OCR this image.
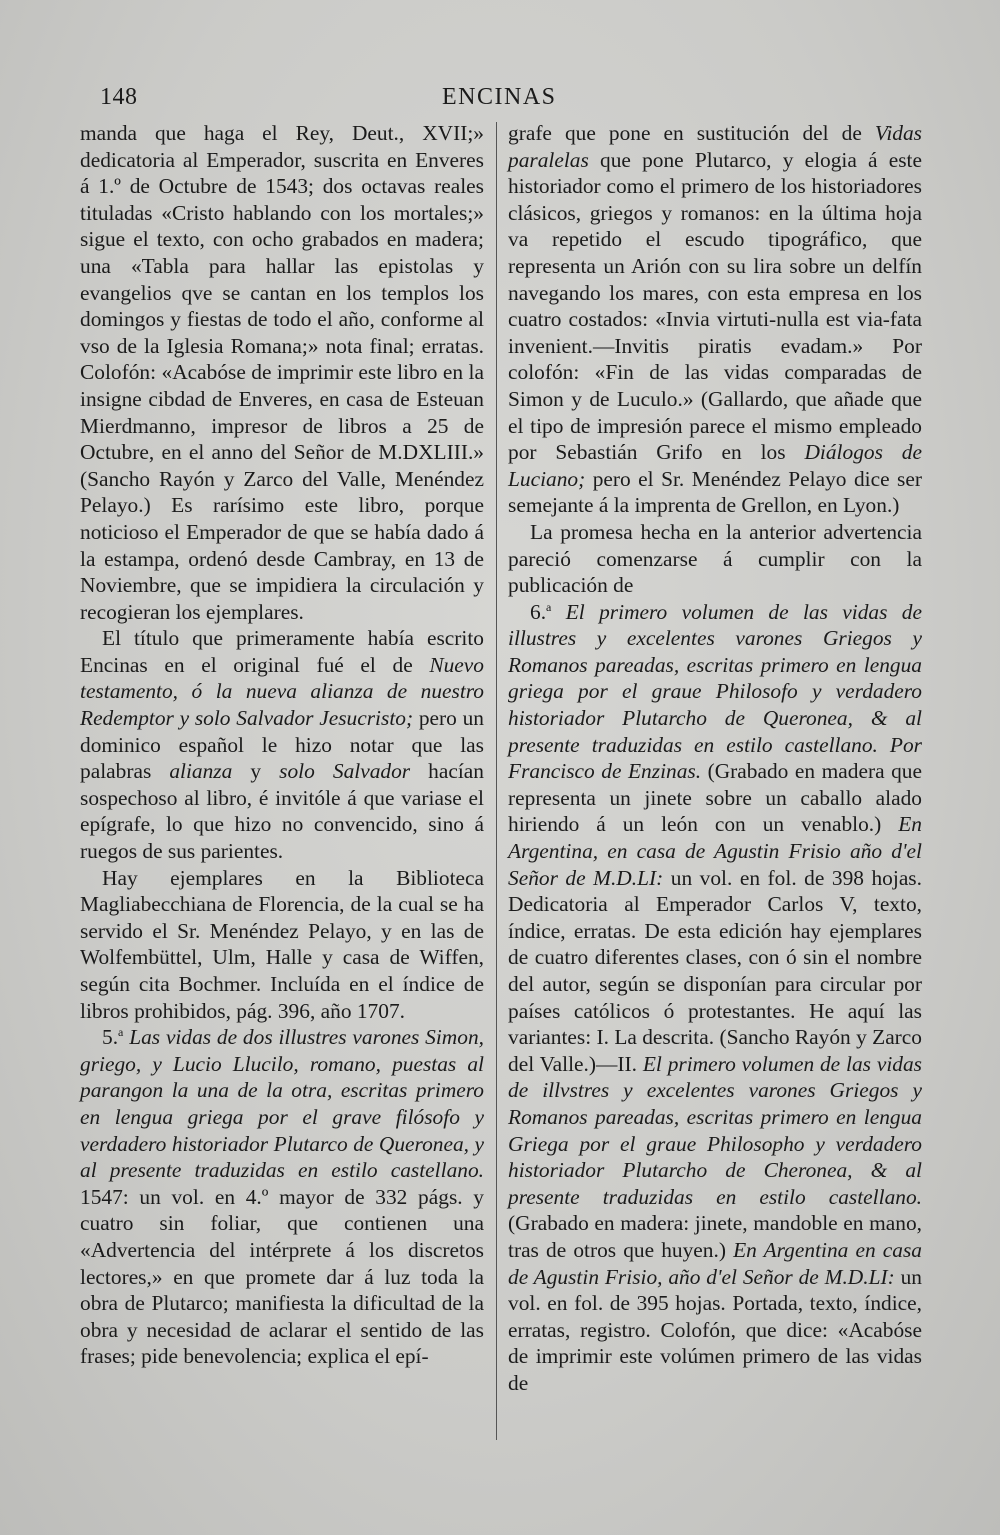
148	ENCINAS

manda que haga el Rey, Deut., XVII;» dedicatoria al Emperador, suscrita en Enveres á 1.º de Octubre de 1543; dos octavas reales tituladas «Cristo hablando con los mortales;» sigue el texto, con ocho grabados en madera; una «Tabla para hallar las epistolas y evangelios qve se cantan en los templos los domingos y fiestas de todo el año, conforme al vso de la Iglesia Romana;» nota final; erratas. Colofón: «Acabóse de imprimir este libro en la insigne cibdad de Enveres, en casa de Esteuan Mierdmanno, impresor de libros a 25 de Octubre, en el anno del Señor de M.DXLIII.» (Sancho Rayón y Zarco del Valle, Menéndez Pelayo.) Es rarísimo este libro, porque noticioso el Emperador de que se había dado á la estampa, ordenó desde Cambray, en 13 de Noviembre, que se impidiera la circulación y recogieran los ejemplares.

El título que primeramente había escrito Encinas en el original fué el de Nuevo testamento, ó la nueva alianza de nuestro Redemptor y solo Salvador Jesucristo; pero un dominico español le hizo notar que las palabras alianza y solo Salvador hacían sospechoso al libro, é invitóle á que variase el epígrafe, lo que hizo no convencido, sino á ruegos de sus parientes.

Hay ejemplares en la Biblioteca Magliabecchiana de Florencia, de la cual se ha servido el Sr. Menéndez Pelayo, y en las de Wolfembüttel, Ulm, Halle y casa de Wiffen, según cita Bochmer. Incluída en el índice de libros prohibidos, pág. 396, año 1707.

5.$^a$ Las vidas de dos illustres varones Simon, griego, y Lucio Llucilo, romano, puestas al parangon la una de la otra, escritas primero en lengua griega por el grave filósofo y verdadero historiador Plutarco de Queronea, y al presente traduzidas en estilo castellano. 1547: un vol. en 4.º mayor de 332 págs. y cuatro sin foliar, que contienen una «Advertencia del intérprete á los discretos lectores,» en que promete dar á luz toda la obra de Plutarco; manifiesta la dificultad de la obra y necesidad de aclarar el sentido de las frases; pide benevolencia; explica el epí-

grafe que pone en sustitución del de Vidas paralelas que pone Plutarco, y elogia á este historiador como el primero de los historiadores clásicos, griegos y romanos: en la última hoja va repetido el escudo tipográfico, que representa un Arión con su lira sobre un delfín navegando los mares, con esta empresa en los cuatro costados: «Invia virtuti-nulla est via-fata invenient.—Invitis piratis evadam.» Por colofón: «Fin de las vidas comparadas de Simon y de Luculo.» (Gallardo, que añade que el tipo de impresión parece el mismo empleado por Sebastián Grifo en los Diálogos de Luciano; pero el Sr. Menéndez Pelayo dice ser semejante á la imprenta de Grellon, en Lyon.)

La promesa hecha en la anterior advertencia pareció comenzarse á cumplir con la publicación de

6.$^a$ El primero volumen de las vidas de illustres y excelentes varones Griegos y Romanos pareadas, escritas primero en lengua griega por el graue Philosofo y verdadero historiador Plutarcho de Queronea, & al presente traduzidas en estilo castellano. Por Francisco de Enzinas. (Grabado en madera que representa un jinete sobre un caballo alado hiriendo á un león con un venablo.) En Argentina, en casa de Agustin Frisio año d'el Señor de M.D.LI: un vol. en fol. de 398 hojas. Dedicatoria al Emperador Carlos V, texto, índice, erratas. De esta edición hay ejemplares de cuatro diferentes clases, con ó sin el nombre del autor, según se disponían para circular por países católicos ó protestantes. He aquí las variantes: I. La descrita. (Sancho Rayón y Zarco del Valle.)—II. El primero volumen de las vidas de illvstres y excelentes varones Griegos y Romanos pareadas, escritas primero en lengua Griega por el graue Philosopho y verdadero historiador Plutarcho de Cheronea, & al presente traduzidas en estilo castellano. (Grabado en madera: jinete, mandoble en mano, tras de otros que huyen.) En Argentina en casa de Agustin Frisio, año d'el Señor de M.D.LI: un vol. en fol. de 395 hojas. Portada, texto, índice, erratas, registro. Colofón, que dice: «Acabóse de imprimir este volúmen primero de las vidas de
